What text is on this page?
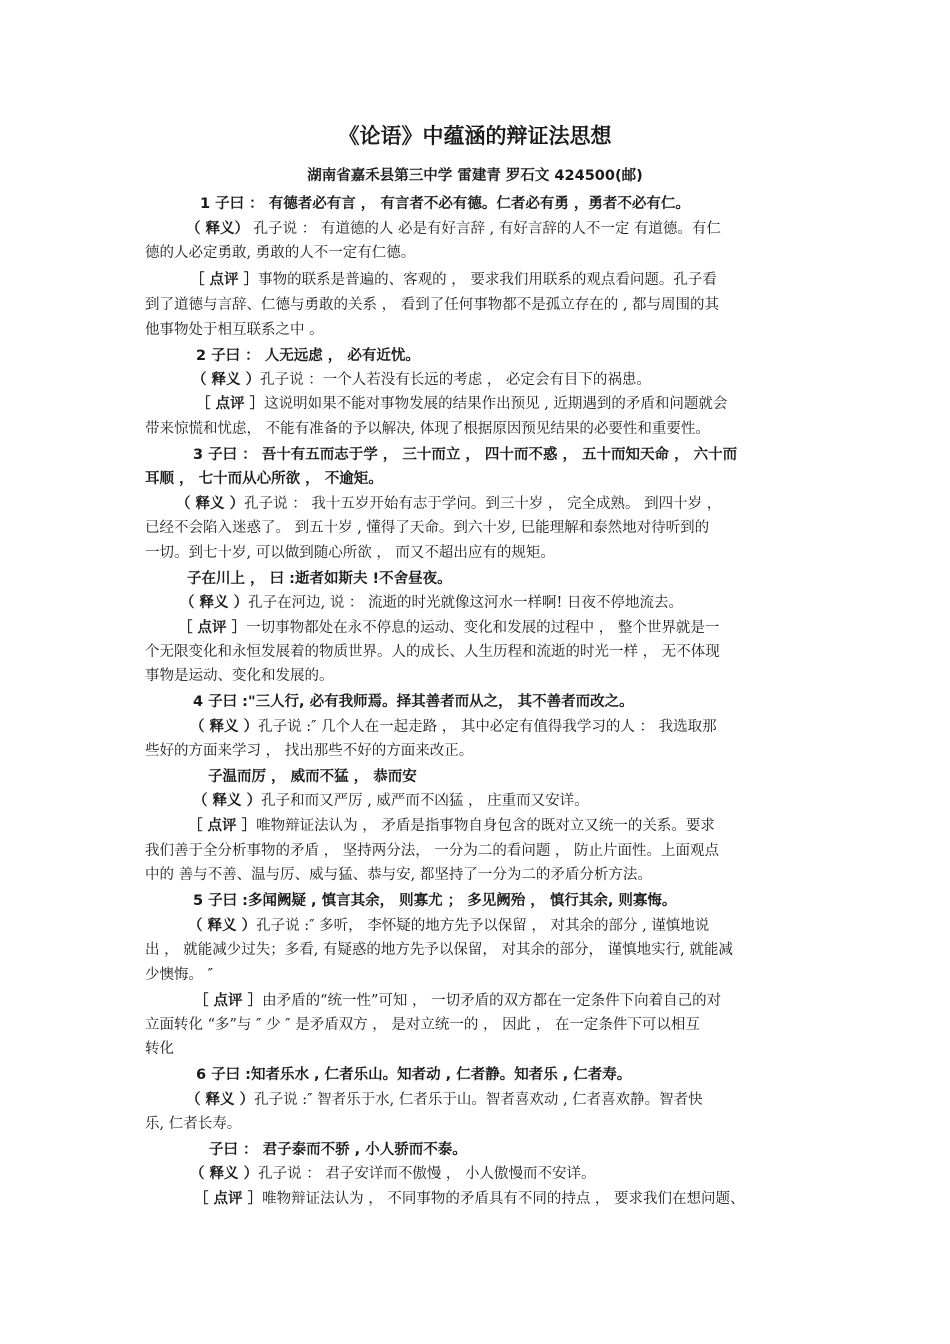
《论语》中蕴涵的辩证法思想
湖南省嘉禾县第三中学 雷建青 罗石文 424500(邮)
1 子曰 ： 有德者必有言 ， 有言者不必有德。仁者必有勇 ，勇者不必有仁。
（ 释义） 孔子说 ： 有道德的人 必是有好言辞 , 有好言辞的人不一定 有道德。有仁
德的人必定勇敢, 勇敢的人不一定有仁德。
［ 点评 ］事物的联系是普遍的、客观的 ， 要求我们用联系的观点看问题。孔子看
到了道德与言辞、仁德与勇敢的关系 ， 看到了任何事物都不是孤立存在的 , 都与周围的其
他事物处于相互联系之中 。
2 子曰 ： 人无远虑 ， 必有近忧。
（ 释义 ）孔子说 ：一个人若没有长远的考虑 ， 必定会有目下的祸患。
［ 点评 ］这说明如果不能对事物发展的结果作出预见 , 近期遇到的矛盾和问题就会
带来惊慌和忧虑， 不能有准备的予以解决, 体现了根据原因预见结果的必要性和重要性。
3 子曰 ： 吾十有五而志于学 ， 三十而立 ， 四十而不惑 ， 五十而知天命 ， 六十而
耳顺 ， 七十而从心所欲 ， 不逾矩。
（ 释义 ）孔子说 ： 我十五岁开始有志于学问。到三十岁 ， 完全成熟。 到四十岁 ，
已经不会陷入迷惑了。 到五十岁 , 懂得了天命。到六十岁, 巳能理解和泰然地对待听到的
一切。到七十岁, 可以做到随心所欲 ， 而又不超出应有的规矩。
子在川上 ， 曰 :逝者如斯夫 !不舍昼夜。
（ 释义 ）孔子在河边, 说 ： 流逝的时光就像这河水一样啊! 日夜不停地流去。
［ 点评 ］一切事物都处在永不停息的运动、变化和发展的过程中 ， 整个世界就是一
个无限变化和永恒发展着的物质世界。人的成长、人生历程和流逝的时光一样 ， 无不体现
事物是运动、变化和发展的。
4 子曰 :"三人行, 必有我师焉。择其善者而从之， 其不善者而改之。
（ 释义 ）孔子说 :″ 几个人在一起走路 ， 其中必定有值得我学习的人 ： 我选取那
些好的方面来学习 ， 找出那些不好的方面来改正。
子温而厉 ， 威而不猛 ， 恭而安
（ 释义 ）孔子和而又严厉 , 威严而不凶猛 ， 庄重而又安详。
［ 点评 ］唯物辩证法认为 ， 矛盾是指事物自身包含的既对立又统一的关系。要求
我们善于全分析事物的矛盾 ， 坚持两分法， 一分为二的看问题 ， 防止片面性。上面观点
中的 善与不善、温与厉、威与猛、恭与安, 都坚持了一分为二的矛盾分析方法。
5 子曰 :多闻阙疑 , 慎言其余， 则寡尤 ； 多见阙殆 ， 慎行其余, 则寡悔。
（ 释义 ）孔子说 :″ 多听， 李怀疑的地方先予以保留 ， 对其余的部分 , 谨慎地说
出 ， 就能减少过失；多看, 有疑惑的地方先予以保留， 对其余的部分， 谨慎地实行, 就能减
少懊悔。 ″
［ 点评 ］由矛盾的“统一性”可知 ， 一切矛盾的双方都在一定条件下向着自己的对
立面转化 “多”与 ″ 少 ″ 是矛盾双方 ， 是对立统一的 ， 因此 ， 在一定条件下可以相互
转化
6 子曰 :知者乐水 , 仁者乐山。知者动 , 仁者静。知者乐 , 仁者寿。
（ 释义 ）孔子说 :″ 智者乐于水, 仁者乐于山。智者喜欢动 , 仁者喜欢静。智者快
乐, 仁者长寿。
子曰 ： 君子泰而不骄 , 小人骄而不泰。
（ 释义 ）孔子说 ： 君子安详而不傲慢 ， 小人傲慢而不安详。
［ 点评 ］唯物辩证法认为 ， 不同事物的矛盾具有不同的持点 ， 要求我们在想问题、
